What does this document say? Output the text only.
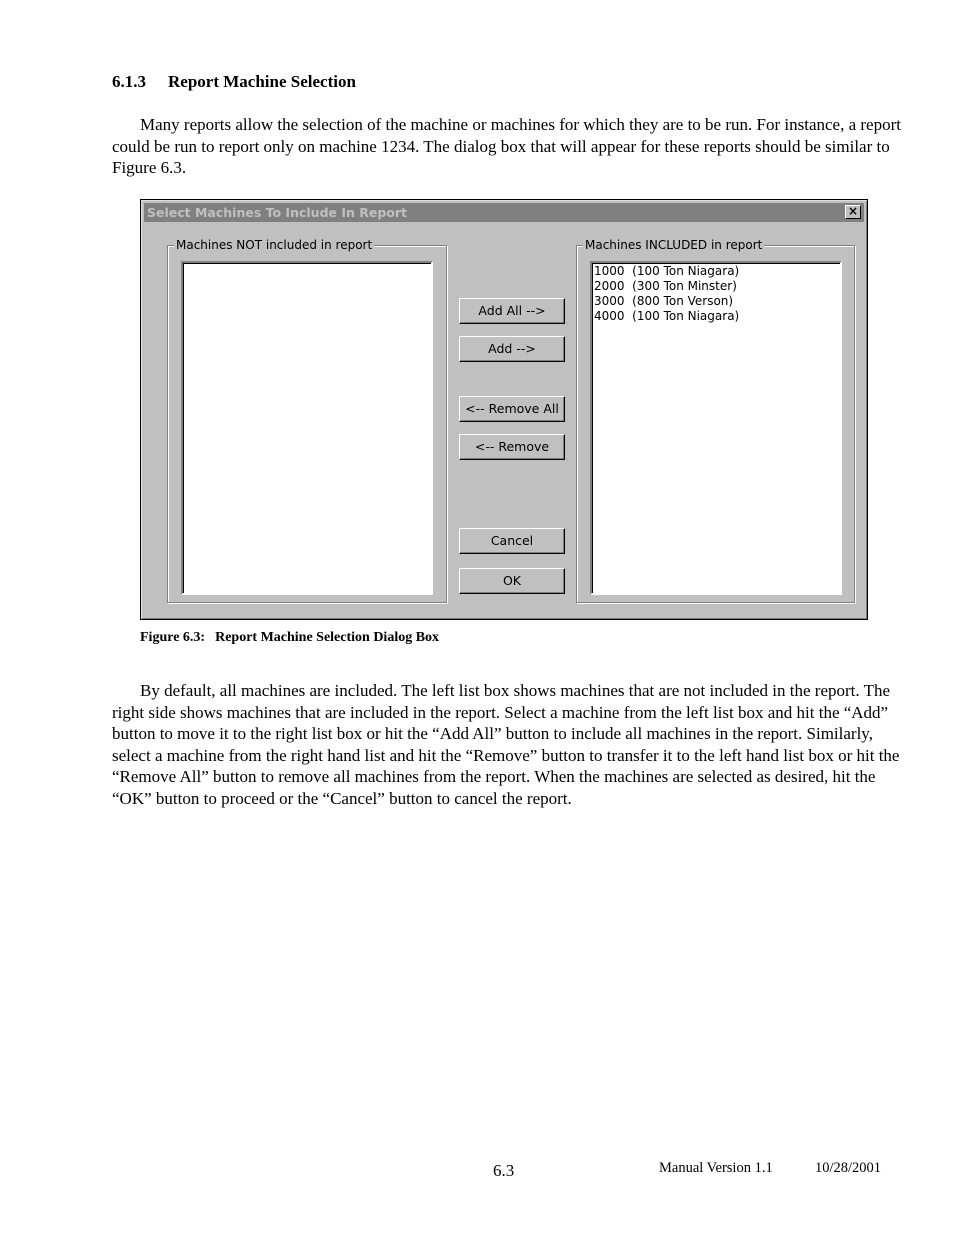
6.1.3 Report Machine Selection
Many reports allow the selection of the machine or machines for which they are to be run. For instance, a report could be run to report only on machine 1234. The dialog box that will appear for these reports should be similar to Figure 6.3.
Select Machines To Include In Report	×
Machines NOT included in report	Machines INCLUDED in report
1000  (100 Ton Niagara)
2000  (300 Ton Minster)
3000  (800 Ton Verson)
4000  (100 Ton Niagara)
Add All -->
Add -->
<-- Remove All
<-- Remove
Cancel
OK
Figure 6.3: Report Machine Selection Dialog Box
By default, all machines are included. The left list box shows machines that are not included in the report. The right side shows machines that are included in the report. Select a machine from the left list box and hit the “Add” button to move it to the right list box or hit the “Add All” button to include all machines in the report. Similarly, select a machine from the right hand list and hit the “Remove” button to transfer it to the left hand list box or hit the “Remove All” button to remove all machines from the report. When the machines are selected as desired, hit the “OK” button to proceed or the “Cancel” button to cancel the report.
6.3	Manual Version 1.1	10/28/2001
